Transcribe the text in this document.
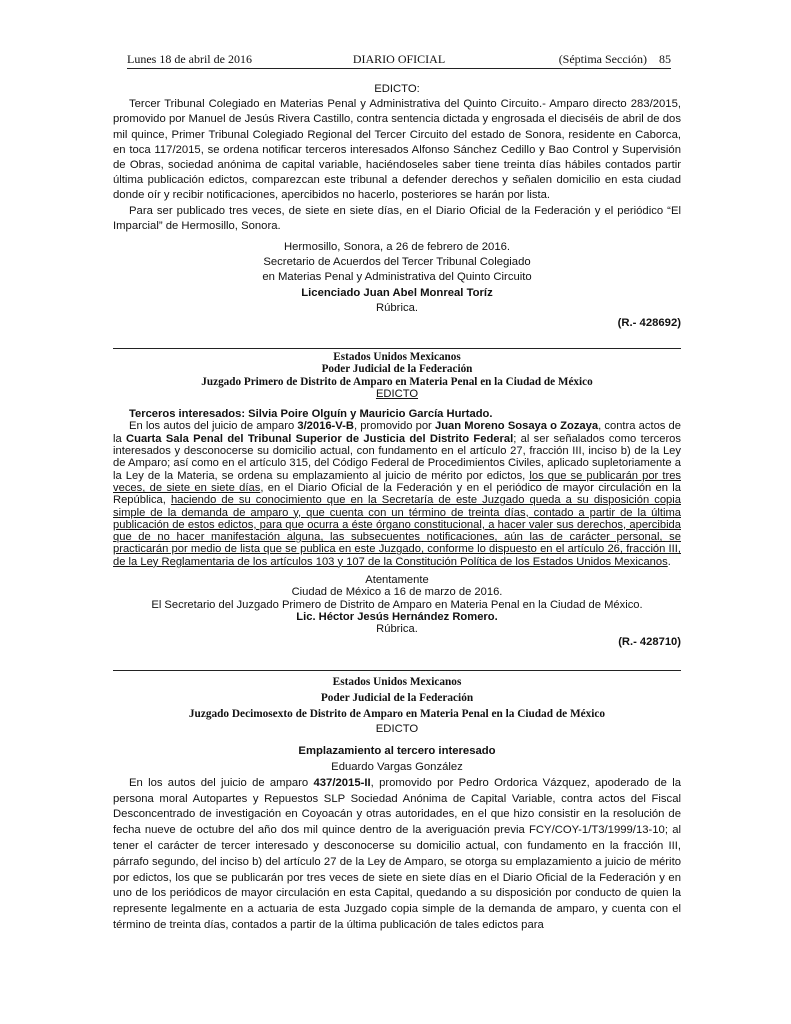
Lunes 18 de abril de 2016	DIARIO OFICIAL	(Séptima Sección) 85

EDICTO:

Tercer Tribunal Colegiado en Materias Penal y Administrativa del Quinto Circuito.- Amparo directo 283/2015, promovido por Manuel de Jesús Rivera Castillo, contra sentencia dictada y engrosada el dieciséis de abril de dos mil quince, Primer Tribunal Colegiado Regional del Tercer Circuito del estado de Sonora, residente en Caborca, en toca 117/2015, se ordena notificar terceros interesados Alfonso Sánchez Cedillo y Bao Control y Supervisión de Obras, sociedad anónima de capital variable, haciéndoseles saber tiene treinta días hábiles contados partir última publicación edictos, comparezcan este tribunal a defender derechos y señalen domicilio en esta ciudad donde oír y recibir notificaciones, apercibidos no hacerlo, posteriores se harán por lista.

Para ser publicado tres veces, de siete en siete días, en el Diario Oficial de la Federación y el periódico “El Imparcial” de Hermosillo, Sonora.

Hermosillo, Sonora, a 26 de febrero de 2016.

Secretario de Acuerdos del Tercer Tribunal Colegiado

en Materias Penal y Administrativa del Quinto Circuito

Licenciado Juan Abel Monreal Toríz

Rúbrica.

(R.- 428692)

Estados Unidos Mexicanos

Poder Judicial de la Federación

Juzgado Primero de Distrito de Amparo en Materia Penal en la Ciudad de México

EDICTO

Terceros interesados: Silvia Poire Olguín y Mauricio García Hurtado.

En los autos del juicio de amparo 3/2016-V-B, promovido por Juan Moreno Sosaya o Zozaya, contra actos de la Cuarta Sala Penal del Tribunal Superior de Justicia del Distrito Federal; al ser señalados como terceros interesados y desconocerse su domicilio actual, con fundamento en el artículo 27, fracción III, inciso b) de la Ley de Amparo; así como en el artículo 315, del Código Federal de Procedimientos Civiles, aplicado supletoriamente a la Ley de la Materia, se ordena su emplazamiento al juicio de mérito por edictos, los que se publicarán por tres veces, de siete en siete días, en el Diario Oficial de la Federación y en el periódico de mayor circulación en la República, haciendo de su conocimiento que en la Secretaría de este Juzgado queda a su disposición copia simple de la demanda de amparo y, que cuenta con un término de treinta días, contado a partir de la última publicación de estos edictos, para que ocurra a éste órgano constitucional, a hacer valer sus derechos, apercibida que de no hacer manifestación alguna, las subsecuentes notificaciones, aún las de carácter personal, se practicarán por medio de lista que se publica en este Juzgado, conforme lo dispuesto en el artículo 26, fracción III, de la Ley Reglamentaria de los artículos 103 y 107 de la Constitución Política de los Estados Unidos Mexicanos.

Atentamente

Ciudad de México a 16 de marzo de 2016.

El Secretario del Juzgado Primero de Distrito de Amparo en Materia Penal en la Ciudad de México.

Lic. Héctor Jesús Hernández Romero.

Rúbrica.

(R.- 428710)

Estados Unidos Mexicanos

Poder Judicial de la Federación

Juzgado Decimosexto de Distrito de Amparo en Materia Penal en la Ciudad de México

EDICTO

Emplazamiento al tercero interesado

Eduardo Vargas González

En los autos del juicio de amparo 437/2015-II, promovido por Pedro Ordorica Vázquez, apoderado de la persona moral Autopartes y Repuestos SLP Sociedad Anónima de Capital Variable, contra actos del Fiscal Desconcentrado de investigación en Coyoacán y otras autoridades, en el que hizo consistir en la resolución de fecha nueve de octubre del año dos mil quince dentro de la averiguación previa FCY/COY-1/T3/1999/13-10; al tener el carácter de tercer interesado y desconocerse su domicilio actual, con fundamento en la fracción III, párrafo segundo, del inciso b) del artículo 27 de la Ley de Amparo, se otorga su emplazamiento a juicio de mérito por edictos, los que se publicarán por tres veces de siete en siete días en el Diario Oficial de la Federación y en uno de los periódicos de mayor circulación en esta Capital, quedando a su disposición por conducto de quien la represente legalmente en a actuaria de esta Juzgado copia simple de la demanda de amparo, y cuenta con el término de treinta días, contados a partir de la última publicación de tales edictos para
